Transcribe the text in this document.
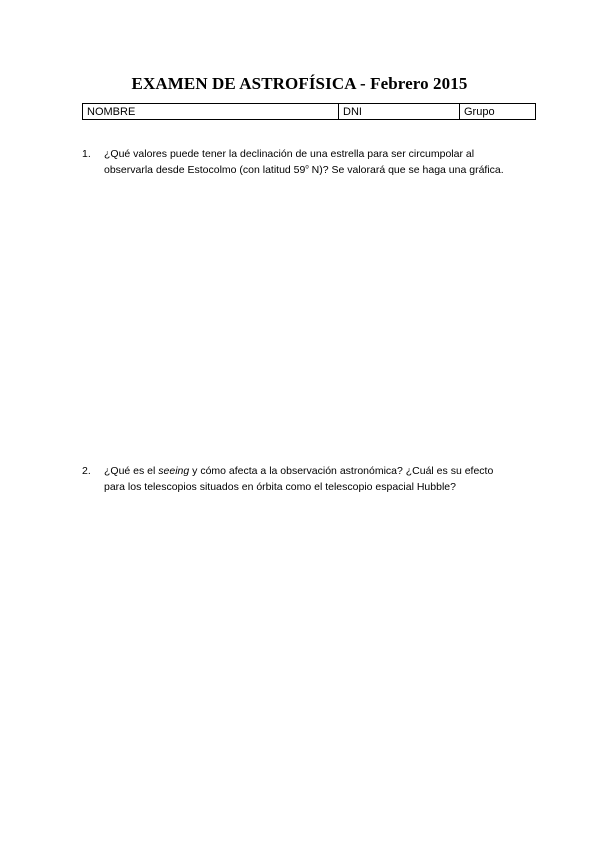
EXAMEN DE ASTROFÍSICA - Febrero 2015
NOMBRE	DNI	Grupo
1.	¿Qué valores puede tener la declinación de una estrella para ser circumpolar al observarla desde Estocolmo (con latitud 59$^o$ N)? Se valorará que se haga una gráfica.
2.	¿Qué es el seeing y cómo afecta a la observación astronómica? ¿Cuál es su efecto para los telescopios situados en órbita como el telescopio espacial Hubble?
